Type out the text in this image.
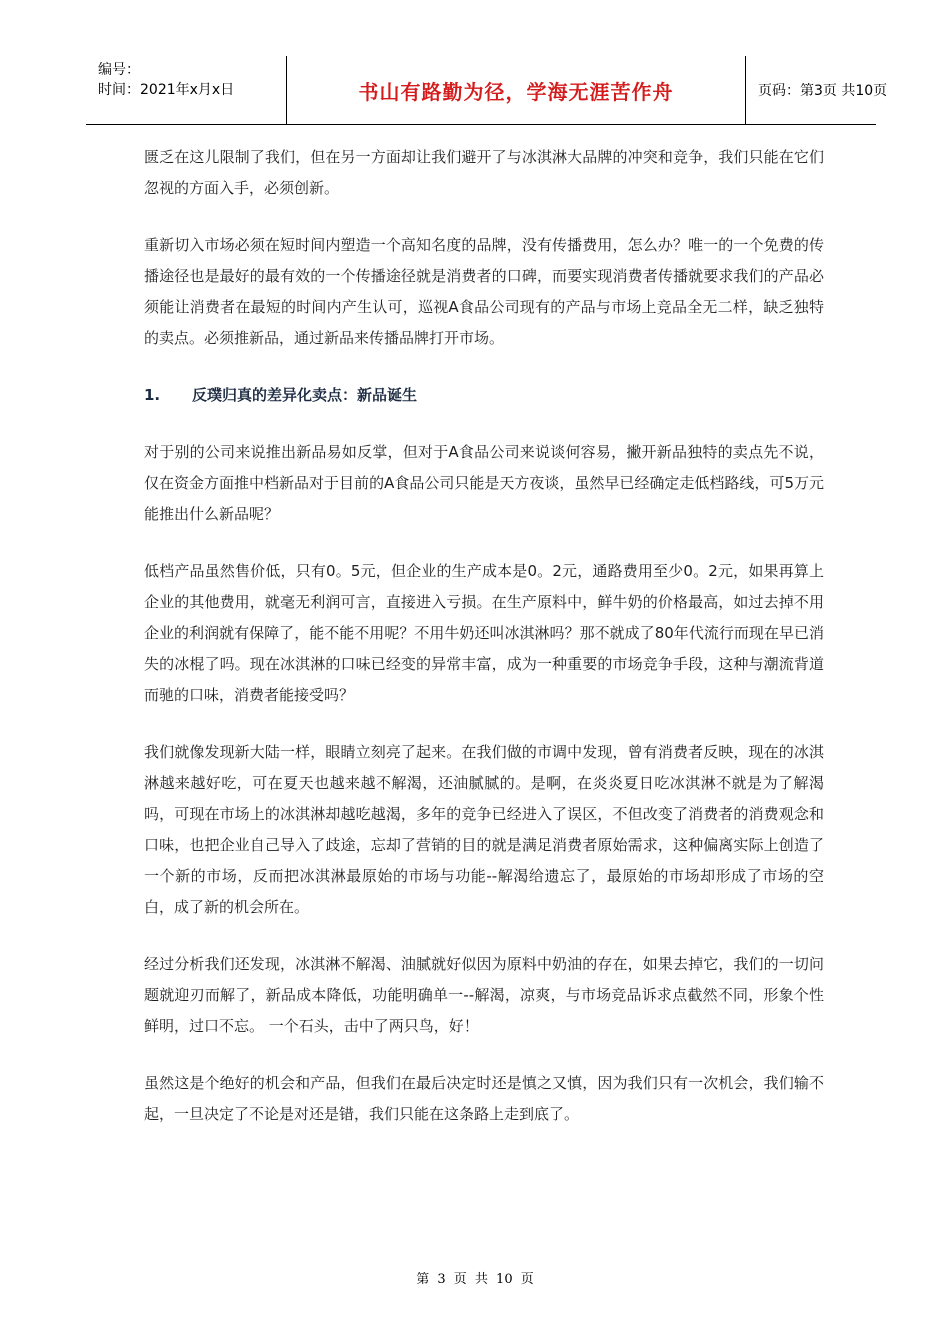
编号：
时间：2021年x月x日	书山有路勤为径，学海无涯苦作舟	页码：第3页 共10页

匮乏在这儿限制了我们，但在另一方面却让我们避开了与冰淇淋大品牌的冲突和竞争，我们只能在它们忽视的方面入手，必须创新。

重新切入市场必须在短时间内塑造一个高知名度的品牌，没有传播费用，怎么办？唯一的一个免费的传播途径也是最好的最有效的一个传播途径就是消费者的口碑，而要实现消费者传播就要求我们的产品必须能让消费者在最短的时间内产生认可，巡视A食品公司现有的产品与市场上竞品全无二样，缺乏独特的卖点。必须推新品，通过新品来传播品牌打开市场。

1.	反璞归真的差异化卖点：新品诞生

对于别的公司来说推出新品易如反掌，但对于A食品公司来说谈何容易，撇开新品独特的卖点先不说，仅在资金方面推中档新品对于目前的A食品公司只能是天方夜谈，虽然早已经确定走低档路线，可5万元能推出什么新品呢？

低档产品虽然售价低，只有0。5元，但企业的生产成本是0。2元，通路费用至少0。2元，如果再算上企业的其他费用，就毫无利润可言，直接进入亏损。在生产原料中，鲜牛奶的价格最高，如过去掉不用企业的利润就有保障了，能不能不用呢？不用牛奶还叫冰淇淋吗？那不就成了80年代流行而现在早已消失的冰棍了吗。现在冰淇淋的口味已经变的异常丰富，成为一种重要的市场竞争手段，这种与潮流背道而驰的口味，消费者能接受吗？

我们就像发现新大陆一样，眼睛立刻亮了起来。在我们做的市调中发现，曾有消费者反映，现在的冰淇淋越来越好吃，可在夏天也越来越不解渴，还油腻腻的。是啊，在炎炎夏日吃冰淇淋不就是为了解渴吗，可现在市场上的冰淇淋却越吃越渴，多年的竞争已经进入了误区，不但改变了消费者的消费观念和口味，也把企业自己导入了歧途，忘却了营销的目的就是满足消费者原始需求，这种偏离实际上创造了一个新的市场，反而把冰淇淋最原始的市场与功能--解渴给遗忘了，最原始的市场却形成了市场的空白，成了新的机会所在。

经过分析我们还发现，冰淇淋不解渴、油腻就好似因为原料中奶油的存在，如果去掉它，我们的一切问题就迎刃而解了，新品成本降低，功能明确单一--解渴，凉爽，与市场竞品诉求点截然不同，形象个性鲜明，过口不忘。 一个石头，击中了两只鸟，好！

虽然这是个绝好的机会和产品，但我们在最后决定时还是慎之又慎，因为我们只有一次机会，我们输不起，一旦决定了不论是对还是错，我们只能在这条路上走到底了。

第 3 页 共 10 页
